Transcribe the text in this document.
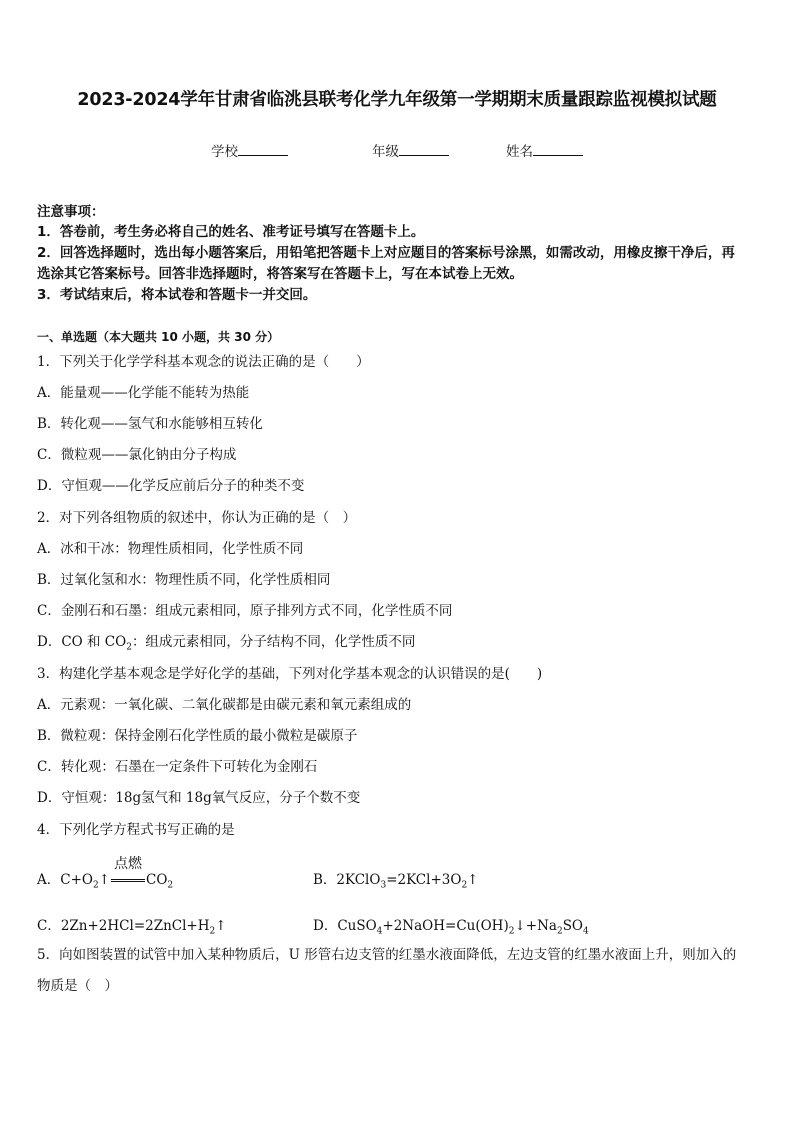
2023-2024学年甘肃省临洮县联考化学九年级第一学期期末质量跟踪监视模拟试题
学校	年级	姓名
注意事项：
1．答卷前，考生务必将自己的姓名、准考证号填写在答题卡上。
2．回答选择题时，选出每小题答案后，用铅笔把答题卡上对应题目的答案标号涂黑，如需改动，用橡皮擦干净后，再
选涂其它答案标号。回答非选择题时，将答案写在答题卡上，写在本试卷上无效。
3．考试结束后，将本试卷和答题卡一并交回。
一、单选题（本大题共 10 小题，共 30 分）
1．下列关于化学学科基本观念的说法正确的是（　　）
A．能量观——化学能不能转为热能
B．转化观——氢气和水能够相互转化
C．微粒观——氯化钠由分子构成
D．守恒观——化学反应前后分子的种类不变
2．对下列各组物质的叙述中，你认为正确的是（　）
A．冰和干冰：物理性质相同，化学性质不同
B．过氧化氢和水：物理性质不同，化学性质相同
C．金刚石和石墨：组成元素相同，原子排列方式不同，化学性质不同
D．CO 和 $CO_2$：组成元素相同，分子结构不同，化学性质不同
3．构建化学基本观念是学好化学的基础，下列对化学基本观念的认识错误的是(　　)
A．元素观：一氧化碳、二氧化碳都是由碳元素和氧元素组成的
B．微粒观：保持金刚石化学性质的最小微粒是碳原子
C．转化观：石墨在一定条件下可转化为金刚石
D．守恒观：18g氢气和 18g氧气反应，分子个数不变
4．下列化学方程式书写正确的是
A．$C+O_2↑$
点燃
$CO_2$	B．$2KClO_3=2KCl+3O_2↑$
C．$2Zn+2HCl=2ZnCl+H_2↑$	D．$CuSO_4+2NaOH=Cu(OH)_2↓+Na_2SO_4$
5．向如图装置的试管中加入某种物质后，U 形管右边支管的红墨水液面降低，左边支管的红墨水液面上升，则加入的
物质是（　）
